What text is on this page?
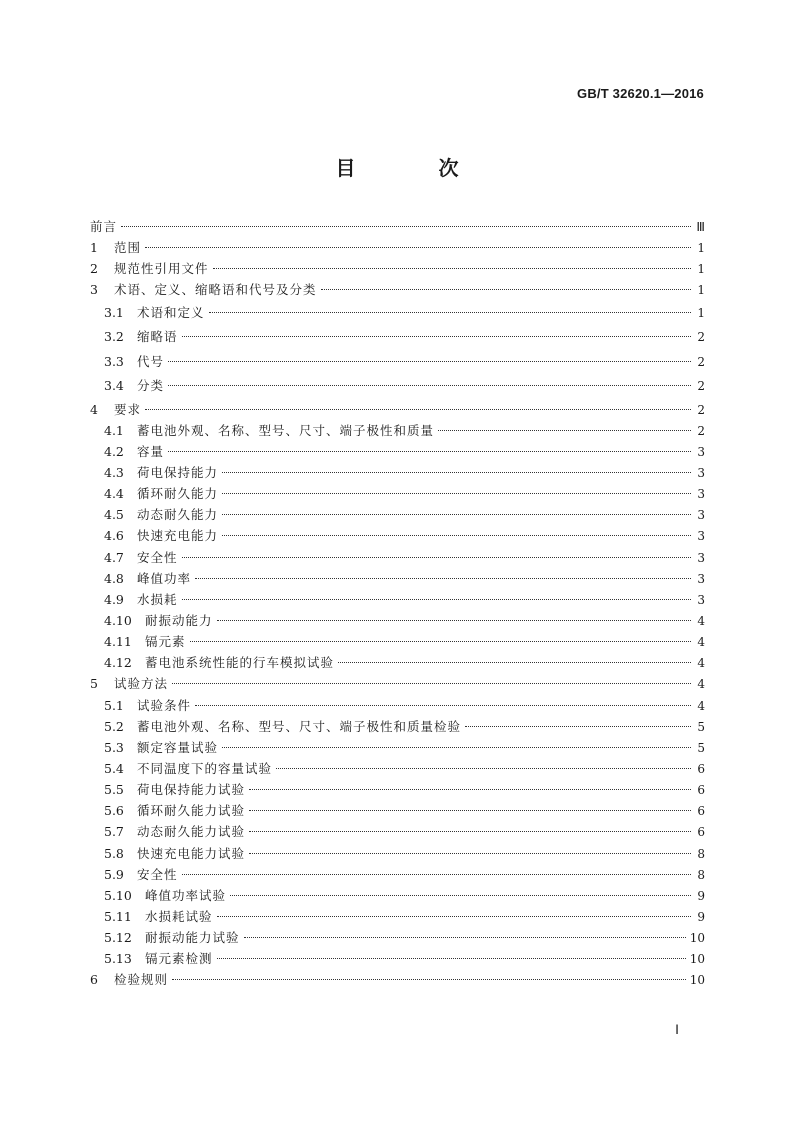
GB/T 32620.1—2016
目 次
前言	Ⅲ
1	范围	1
2	规范性引用文件	1
3	术语、定义、缩略语和代号及分类	1
3.1	术语和定义	1
3.2	缩略语	2
3.3	代号	2
3.4	分类	2
4	要求	2
4.1	蓄电池外观、名称、型号、尺寸、端子极性和质量	2
4.2	容量	3
4.3	荷电保持能力	3
4.4	循环耐久能力	3
4.5	动态耐久能力	3
4.6	快速充电能力	3
4.7	安全性	3
4.8	峰值功率	3
4.9	水损耗	3
4.10	耐振动能力	4
4.11	镉元素	4
4.12	蓄电池系统性能的行车模拟试验	4
5	试验方法	4
5.1	试验条件	4
5.2	蓄电池外观、名称、型号、尺寸、端子极性和质量检验	5
5.3	额定容量试验	5
5.4	不同温度下的容量试验	6
5.5	荷电保持能力试验	6
5.6	循环耐久能力试验	6
5.7	动态耐久能力试验	6
5.8	快速充电能力试验	8
5.9	安全性	8
5.10	峰值功率试验	9
5.11	水损耗试验	9
5.12	耐振动能力试验	10
5.13	镉元素检测	10
6	检验规则	10
Ⅰ
